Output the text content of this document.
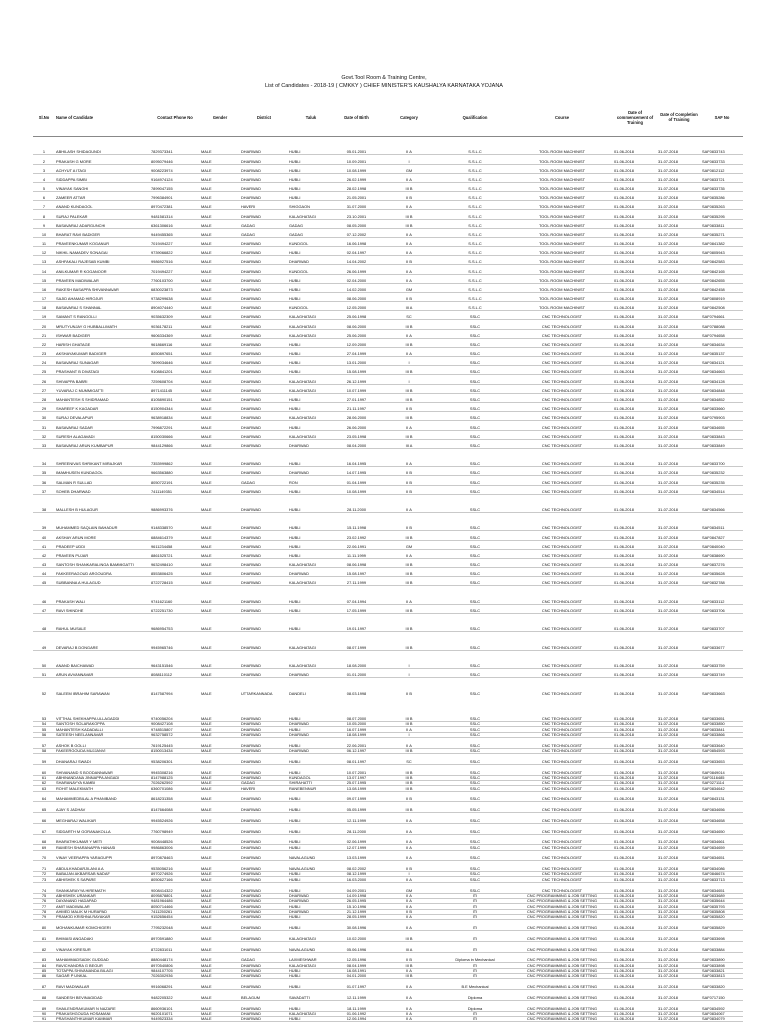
Govt.Tool Room & Training Centre,
List of Candidates - 2018-19 ( CMKKY ) CHIEF MINISTER'S KAUSHALYA KARNATAKA YOJANA
Sl.No	Name of Candidate	Contact Phone No	Gender	District	Taluk	Date of Birth	Category	Qualification	Course	Date of commencement of Training	Date of Completion of Training	SAF No
1	ABHILASH SHIDAGUNDI	7829373341	MALE	DHARWAD	HUBLI	05.01.2001	II A	S.S.L.C	TOOL ROOM MACHINIST	01-06-2018	31-07-2018	SAF0833743
2	PRAKASH G MORE	8095079446	MALE	DHARWAD	HUBLI	10.09.2001	I	S.S.L.C	TOOL ROOM MACHINIST	01-06-2018	31-07-2018	SAF0833733
3	ACHYUT A ITAGI	9008223974	MALE	DHARWAD	HUBLI	10.08.1999	GM	S.S.L.C	TOOL ROOM MACHINIST	01-06-2018	31-07-2018	SAF0812112
4	SIDDAPPA SIMBI	9164974124	MALE	DHARWAD	HUBLI	26.02.1999	II A	S.S.L.C	TOOL ROOM MACHINIST	01-06-2018	31-07-2018	SAF0833721
5	VINAYAK SANGHI	7899047155	MALE	DHARWAD	HUBLI	28.02.1998	III B	S.S.L.C	TOOL ROOM MACHINIST	01-06-2018	31-07-2018	SAF0833735
6	ZAMEER ATTAR	7996384901	MALE	DHARWAD	HUBLI	21.05.2001	II B	S.S.L.C	TOOL ROOM MACHINIST	01-06-2018	31-07-2018	SAF0835286
7	ANAND KUNDAGOL	8970472381	MALE	HAVERI	SHIGGAON	31.07.2000	II A	S.S.L.C	TOOL ROOM MACHINIST	01-06-2018	31-07-2018	SAF0835263
8	SURAJ PALEKAR	9481581314	MALE	DHARWAD	KALAGHATAGI	23.10.2001	III B	S.S.L.C	TOOL ROOM MACHINIST	01-06-2018	31-07-2018	SAF0835295
9	BASAVARAJ ADARGUNCHI	6361306616	MALE	GADAG	GADAG	08.05.2000	III B	S.S.L.C	TOOL ROOM MACHINIST	01-06-2018	31-07-2018	SAF0833811
10	BHARAT RAVI BADIGER	9449455365	MALE	GADAG	GADAG	07.12.2002	II A	S.S.L.C	TOOL ROOM MACHINIST	01-06-2018	31-07-2018	SAF0835271
11	PRAVEENKUMAR KOGANUR	7019494227	MALE	DHARWAD	KUNDGOL	16.06.1998	II A	S.S.L.C	TOOL ROOM MACHINIST	01-06-2018	31-07-2018	SAF0841382
12	NIKHIL NAMADEV SONAGAI	9739066822	MALE	DHARWAD	HUBLI	02.04.1997	II A	S.S.L.C	TOOL ROOM MACHINIST	01-06-2018	31-07-2018	SAF0805943
13	ASHFAKALI RAJESAB KUMBI	9986927516	MALE	DHARWAD	DHARWAD	14.04.2002	II B	S.S.L.C	TOOL ROOM MACHINIST	01-06-2018	31-07-2018	SAF0842583
14	ANILKUMAR R KOGANOOR	7019494227	MALE	DHARWAD	KUNDGOL	26.06.1999	II A	S.S.L.C	TOOL ROOM MACHINIST	01-06-2018	31-07-2018	SAF0842165
15	PRAVEEN MADIWALAR	7760103700	MALE	DHARWAD	HUBLI	02.04.2000	II A	S.S.L.C	TOOL ROOM MACHINIST	01-06-2018	31-07-2018	SAF0842655
16	RAKESH BASAPPA SHIVANNAVAR	6830023873	MALE	DHARWAD	HUBLI	14.02.2000	GM	S.S.L.C	TOOL ROOM MACHINIST	01-06-2018	31-07-2018	SAF0842458
17	SAJID AHAMAD HIROJUR	9738299638	MALE	DHARWAD	HUBLI	08.06.2000	II B	S.S.L.C	TOOL ROOM MACHINIST	01-06-2018	31-07-2018	SAF0808919
18	BASAVARAJ S SHANNAL	8904074440	MALE	DHARWAD	KUNDGOL	12.05.2000	III A	S.S.L.C	TOOL ROOM MACHINIST	01-06-2018	31-07-2018	SAF0842508
19	SAMANT S RANGOLLI	9035632309	MALE	DHARWAD	KALAGHATAGI	25.06.1998	SC	SSLC	CNC TECHNOLOGIST	01-06-2018	31-07-2018	SAF0794661
20	MRUTYUNJAY G HUBBALLIMATH	9036178211	MALE	DHARWAD	KALAGHATAGI	08.06.2000	III B	SSLC	CNC TECHNOLOGIST	01-06-2018	31-07-2018	SAF0788088
21	ISHWAR BADIGER	9606334369	MALE	DHARWAD	KALAGHATAGI	25.06.2000	II A	SSLC	CNC TECHNOLOGIST	01-06-2018	31-07-2018	SAF0794658
22	HARISH GHATAGE	9618669116	MALE	DHARWAD	HUBLI	12.09.2000	III B	SSLC	CNC TECHNOLOGIST	01-06-2018	31-07-2018	SAF0834634
23	AKSHAYAKUMAR BADIGER	8050897651	MALE	DHARWAD	HUBLI	27.04.1999	II A	SSLC	CNC TECHNOLOGIST	01-06-2018	31-07-2018	SAF0835137
24	BASAVARAJ SUNAGAR	7899034646	MALE	DHARWAD	HUBLI	13.01.2000	I	SSLC	CNC TECHNOLOGIST	01-06-2018	31-07-2018	SAF0834121
25	PRASHANT B DIVATAGI	9108841201	MALE	DHARWAD	HUBLI	15.08.1999	III B	SSLC	CNC TECHNOLOGIST	01-06-2018	31-07-2018	SAF0834663
26	SHIVAPPA BABRI	7259608704	MALE	DHARWAD	KALAGHATAGI	26.12.1999	I	SSLC	CNC TECHNOLOGIST	01-06-2018	31-07-2018	SAF0834128
27	YUVARAJ C MUMMIGATTI	8971411145	MALE	DHARWAD	KALAGHATAGI	10.07.1999	III B	SSLC	CNC TECHNOLOGIST	01-06-2018	31-07-2018	SAF0834848
28	MAHANTESH S SHIDRAMAD	8105890151	MALE	DHARWAD	HUBLI	27.01.1997	III B	SSLC	CNC TECHNOLOGIST	01-06-2018	31-07-2018	SAF0834852
29	SHAREEF K KAGADAR	8150904344	MALE	DHARWAD	HUBLI	21.11.1997	II B	SSLC	CNC TECHNOLOGIST	01-06-2018	31-07-2018	SAF0833660
30	SURAJ DEVALAPUR	9638918834	MALE	DHARWAD	KALAGHATAGI	28.06.2000	III B	SSLC	CNC TECHNOLOGIST	01-06-2018	31-07-2018	SAF0795903
31	BASAVARAJ SADAR	7996872291	MALE	DHARWAD	HUBLI	26.06.2000	II A	SSLC	CNC TECHNOLOGIST	01-06-2018	31-07-2018	SAF0834655
32	SURESH ALAGAVADI	8150030666	MALE	DHARWAD	KALAGHATAGI	23.05.1998	III B	SSLC	CNC TECHNOLOGIST	01-06-2018	31-07-2018	SAF0833843
33	BASAVARAJ ARUN KUMBAPUR	9844129866	MALE	DHARWAD	DHARWAD	08.04.2000	III A	SSLC	CNC TECHNOLOGIST	01-06-2018	31-07-2018	SAF0833849
34	SHREENIVAS SHRIKANT MIRAJKAR	7353999862	MALE	DHARWAD	HUBLI	16.04.1995	II A	SSLC	CNC TECHNOLOGIST	01-06-2018	31-07-2018	SAF0833700
35	IMAMHUSEN KUNDAGOL	9663563880	MALE	DHARWAD	DHARWAD	14.07.1995	II B	SSLC	CNC TECHNOLOGIST	01-06-2018	31-07-2018	SAF0835232
36	SALMAN R SULLAD	8050722191	MALE	GADAG	RON	01.04.1999	II B	SSLC	CNC TECHNOLOGIST	01-06-2018	31-07-2018	SAF0835235
37	SOHEB DHARWAD	7411149351	MALE	DHARWAD	HUBLI	10.08.1999	II B	SSLC	CNC TECHNOLOGIST	01-06-2018	31-07-2018	SAF0834514
38	MALLESH B HULAGUR	9886993376	MALE	DHARWAD	HUBLI	28.11.2000	II A	SSLC	CNC TECHNOLOGIST	01-06-2018	31-07-2018	SAF0834566
39	MUHAMMED SAQLAIN BAHADUR	9148338570	MALE	DHARWAD	HUBLI	15.11.1998	II B	SSLC	CNC TECHNOLOGIST	01-06-2018	31-07-2018	SAF0834511
40	AKSHAY ARUN MORE	6884614379	MALE	DHARWAD	HUBLI	23.02.1992	III B	SSLC	CNC TECHNOLOGIST	01-06-2018	31-07-2018	SAF0847827
41	PRADEEP UDDI	9611234458	MALE	DHARWAD	HUBLI	22.06.1991	GM	SSLC	CNC TECHNOLOGIST	01-06-2018	31-07-2018	SAF0840040
42	PRAVEEN PUJAR	8861525721	MALE	DHARWAD	HUBLI	11.11.1999	II A	SSLC	CNC TECHNOLOGIST	01-06-2018	31-07-2018	SAF0838690
43	SANTOSH SHANKARALINGA BAMMIGATTI	9632498410	MALE	DHARWAD	KALAGHATAGI	08.06.1998	III B	SSLC	CNC TECHNOLOGIST	01-06-2018	31-07-2018	SAF0837276
44	FAKKEERAGOUD ARGOUDRA	8553806425	MALE	DHARWAD	DHARWAD	15.08.1997	III B	SSLC	CNC TECHNOLOGIST	01-06-2018	31-07-2018	SAF0835628
45	SUBBANNA A HULAGUD	8722728415	MALE	DHARWAD	KALAGHATAGI	27.11.1999	III B	SSLC	CNC TECHNOLOGIST	01-06-2018	31-07-2018	SAF0832788
46	PRAKASH WALI	9741621160	MALE	DHARWAD	HUBLI	07.04.1994	II A	SSLC	CNC TECHNOLOGIST	01-06-2018	31-07-2018	SAF0833112
47	RAVI SHINDHE	6722251730	MALE	DHARWAD	HUBLI	17.05.1999	III B	SSLC	CNC TECHNOLOGIST	01-06-2018	31-07-2018	SAF0833706
48	RAHUL MUSALE	9686954753	MALE	DHARWAD	HUBLI	19.01.1997	III B	SSLC	CNC TECHNOLOGIST	01-06-2018	31-07-2018	SAF0833707
49	DEVARAJ B DONGARE	9945965746	MALE	DHARWAD	KALAGHATAGI	08.07.1999	III B	SSLC	CNC TECHNOLOGIST	01-06-2018	31-07-2018	SAF0833677
50	ANAND BAICHAWAD	9643151546	MALE	DHARWAD	KALAGHATAGI	18.08.2000	I	SSLC	CNC TECHNOLOGIST	01-06-2018	31-07-2018	SAF0833759
51	ARUN AVVANNAVAR	8088110112	MALE	DHARWAD	DHARWAD	01.01.2000	I	SSLC	CNC TECHNOLOGIST	01-06-2018	31-07-2018	SAF0833749
52	SALEEM IBRAHIM SARAWAN	8147587994	MALE	UTTARKANNADA	DANDELI	08.03.1998	II B	SSLC	CNC TECHNOLOGIST	01-06-2018	31-07-2018	SAF0833663
53	VITTHAL SHEKHAPPA ULLAGADDI	9740056204	MALE	DHARWAD	HUBLI	08.07.2000	III B	SSLC	CNC TECHNOLOGIST	01-06-2018	31-07-2018	SAF0833651
54	SANTOSH SOLARAKOPPA	9008427108	MALE	DHARWAD	DHARWAD	10.05.2000	III B	SSLC	CNC TECHNOLOGIST	01-06-2018	31-07-2018	SAF0833850
55	MAHANTESH KADADALLI	9748515807	MALE	DHARWAD	HUBLI	16.07.1999	II A	SSLC	CNC TECHNOLOGIST	01-06-2018	31-07-2018	SAF0833841
56	SATEESH NEELANNAVAR	9632758572	MALE	DHARWAD	DHARWAD	18.08.1999	I	SSLC	CNC TECHNOLOGIST	01-06-2018	31-07-2018	SAF0833866
57	ASHOK B GOLLI	7619125445	MALE	DHARWAD	HUBLI	22.06.2001	II A	SSLC	CNC TECHNOLOGIST	01-06-2018	31-07-2018	SAF0833640
58	FAKEERGOUDA MUJJANVI	8150013434	MALE	DHARWAD	DHARWAD	06.12.1997	III B	SSLC	CNC TECHNOLOGIST	01-06-2018	31-07-2018	SAF0854593
59	DHANARAJ SWADI	9538206301	MALE	DHARWAD	HUBLI	08.01.1997	SC	SSLC	CNC TECHNOLOGIST	01-06-2018	31-07-2018	SAF0833653
60	SHIVANAND S BOODANNAVAR	9945308216	MALE	DHARWAD	HUBLI	10.07.2001	III B	SSLC	CNC TECHNOLOGIST	01-06-2018	31-07-2018	SAF0849014
61	ABHINANDANA JINNAPPA ANGADI	8147988125	MALE	DHARWAD	KUNDAGOL	13.07.1997	III B	SSLC	CNC TECHNOLOGIST	01-06-2018	31-07-2018	SAF0116485
62	SHARANAYYA KAMBI	7026262592	MALE	GADAG	SHIRAHATTI	25.07.1995	III B	SSLC	CNC TECHNOLOGIST	01-06-2018	31-07-2018	SAF0271114
63	ROHIT MALEKMATH	6360701086	MALE	HAVERI	RANEBENNUR	13.08.1999	III B	SSLC	CNC TECHNOLOGIST	01-06-2018	31-07-2018	SAF0834642
64	MAHAMMEDBILAL A PHANIBAND	8618231358	MALE	DHARWAD	HUBLI	09.07.1999	II B	SSLC	CNC TECHNOLOGIST	01-06-2018	31-07-2018	SAF0843131
65	AJAY S JADHAV	8147664088	MALE	DHARWAD	HUBLI	05.05.1999	III B	SSLC	CNC TECHNOLOGIST	01-06-2018	31-07-2018	SAF0834656
66	MEGHARAJ WALIKAR	9945524926	MALE	DHARWAD	HUBLI	12.11.1999	II A	SSLC	CNC TECHNOLOGIST	01-06-2018	31-07-2018	SAF0834658
67	SIDDARTH M GORANAKOLLA	7760798949	MALE	DHARWAD	HUBLI	28.11.2000	II A	SSLC	CNC TECHNOLOGIST	01-06-2018	31-07-2018	SAF0834650
68	BHARATHKUMAR Y METI	9008448526	MALE	DHARWAD	HUBLI	02.06.1999	II A	SSLC	CNC TECHNOLOGIST	01-06-2018	31-07-2018	SAF0834661
69	RAMESH SHARANAPPA HANASI	9986863006	MALE	DHARWAD	HUBLI	12.07.1999	II A	SSLC	CNC TECHNOLOGIST	01-06-2018	31-07-2018	SAF0834659
70	VINAY VEERAPPA YARAGUPPI	8970878463	MALE	DHARWAD	NAVALAGUND	13.03.1999	II A	SSLC	CNC TECHNOLOGIST	01-06-2018	31-07-2018	SAF0834651
71	ABDULKHADARJILANI A A	9535056216	MALE	DHARWAD	NAVALAGUND	08.02.2002	II B	SSLC	CNC TECHNOLOGIST	01-06-2018	31-07-2018	SAF0834086
72	BABAJAN AKBARSAB NADAF	8970274926	MALE	DHARWAD	HUBLI	08.12.1999	I	SSLC	CNC TECHNOLOGIST	01-06-2018	31-07-2018	SAF0846674
73	ABHISHEK S SAPARE	8050627166	MALE	DHARWAD	HUBLI	16.03.2000	II A	SSLC	CNC TECHNOLOGIST	01-06-2018	31-07-2018	SAF0833713
74	SHANKARAYYA HIREMATH	9008414322	MALE	DHARWAD	HUBLI	04.09.2001	GM	SSLC	CNC TECHNOLOGIST	01-06-2018	31-07-2018	SAF0834651
75	ABHISHEK URANKAR	8095878801	MALE	DHARWAD	DHARWAD	14.09.1998	II A	ITI	CNC PROGRAMMING & JOB SETTING	01-06-2018	31-07-2018	SAF0833689
76	DAYANAND HADAPAD	9481964486	MALE	DHARWAD	DHARWAD	26.05.1995	II A	ITI	CNC PROGRAMMING & JOB SETTING	01-06-2018	31-07-2018	SAF0835644
77	AMIT MADIWALAR	8050714466	MALE	DHARWAD	HUBLI	15.10.1996	II A	ITI	CNC PROGRAMMING & JOB SETTING	01-06-2018	31-07-2018	SAF0835793
78	AHMED MALIK M HURAPAD	7411250261	MALE	DHARWAD	DHARWAD	21.12.1999	II B	ITI	CNC PROGRAMMING & JOB SETTING	01-06-2018	31-07-2018	SAF0835808
79	PRAMOD KRISHNA RAYAKAR	9152656454	MALE	DHARWAD	HUBLI	28.05.1999	II A	ITI	CNC PROGRAMMING & JOB SETTING	01-06-2018	31-07-2018	SAF0835820
80	MOHANKUMAR KOMCHIGERI	7795232048	MALE	DHARWAD	HUBLI	30.08.1996	II A	ITI	CNC PROGRAMMING & JOB SETTING	01-06-2018	31-07-2018	SAF0835829
81	BHIMASI ANGADAKI	8970591880	MALE	DHARWAD	KALAGHATAGI	10.02.2000	III B	ITI	CNC PROGRAMMING & JOB SETTING	01-06-2018	31-07-2018	SAF0833698
82	VINAYAK KIRESUR	8722831011	MALE	DHARWAD	NAVALAGUND	05.06.1996	III A	ITI	CNC PROGRAMMING & JOB SETTING	01-06-2018	31-07-2018	SAF0833884
83	MAHAMMADSADIK GUDDAD	8880448174	MALE	GADAG	LAXMESHWAR	12.05.1996	II B	Diploma in Mechanical	CNC PROGRAMMING & JOB SETTING	01-06-2018	31-07-2018	SAF0833890
84	RAVICHANDRA G BEGUR	8970540806	MALE	DHARWAD	KALAGHATAGI	08.04.1999	III B	ITI	CNC PROGRAMMING & JOB SETTING	01-06-2018	31-07-2018	SAF0833898
85	TOTAPPA SHIVANANDA BILAGI	9844107705	MALE	DHARWAD	HUBLI	16.08.1991	II A	ITI	CNC PROGRAMMING & JOB SETTING	01-06-2018	31-07-2018	SAF0833821
86	SAGAR P UNKAL	7026302936	MALE	DHARWAD	HUBLI	04.01.2000	III B	ITI	CNC PROGRAMMING & JOB SETTING	01-06-2018	31-07-2018	SAF0833813
87	RAVI MADIWALAR	9916068291	MALE	DHARWAD	HUBLI	01.07.1997	II A	B.E Mechanical	CNC PROGRAMMING & JOB SETTING	01-06-2018	31-07-2018	SAF0833820
88	SANDESH BEVINAGIDAD	9482205322	MALE	BELAGUM	SAVADATTI	12.11.1999	II A	Diploma	CNC PROGRAMMING & JOB SETTING	01-06-2018	31-07-2018	SAF0717150
89	SHAILENDRAKUMAR N NAZARE	8660936101	MALE	DHARWAD	HUBLI	18.11.1999	II A	Diploma	CNC PROGRAMMING & JOB SETTING	01-06-2018	31-07-2018	SAF0834592
90	PRAKASHGOUDA HOSAMANI	9620101071	MALE	DHARWAD	KALAGHATAGI	01.06.1992	II A	ITI	CNC PROGRAMMING & JOB SETTING	01-06-2018	31-07-2018	SAF0834067
91	PRASHANTHKUMAR KAMMAR	9449523334	MALE	DHARWAD	HUBLI	12.06.1994	II A	ITI	CNC PROGRAMMING & JOB SETTING	01-06-2018	31-07-2018	SAF0834079
